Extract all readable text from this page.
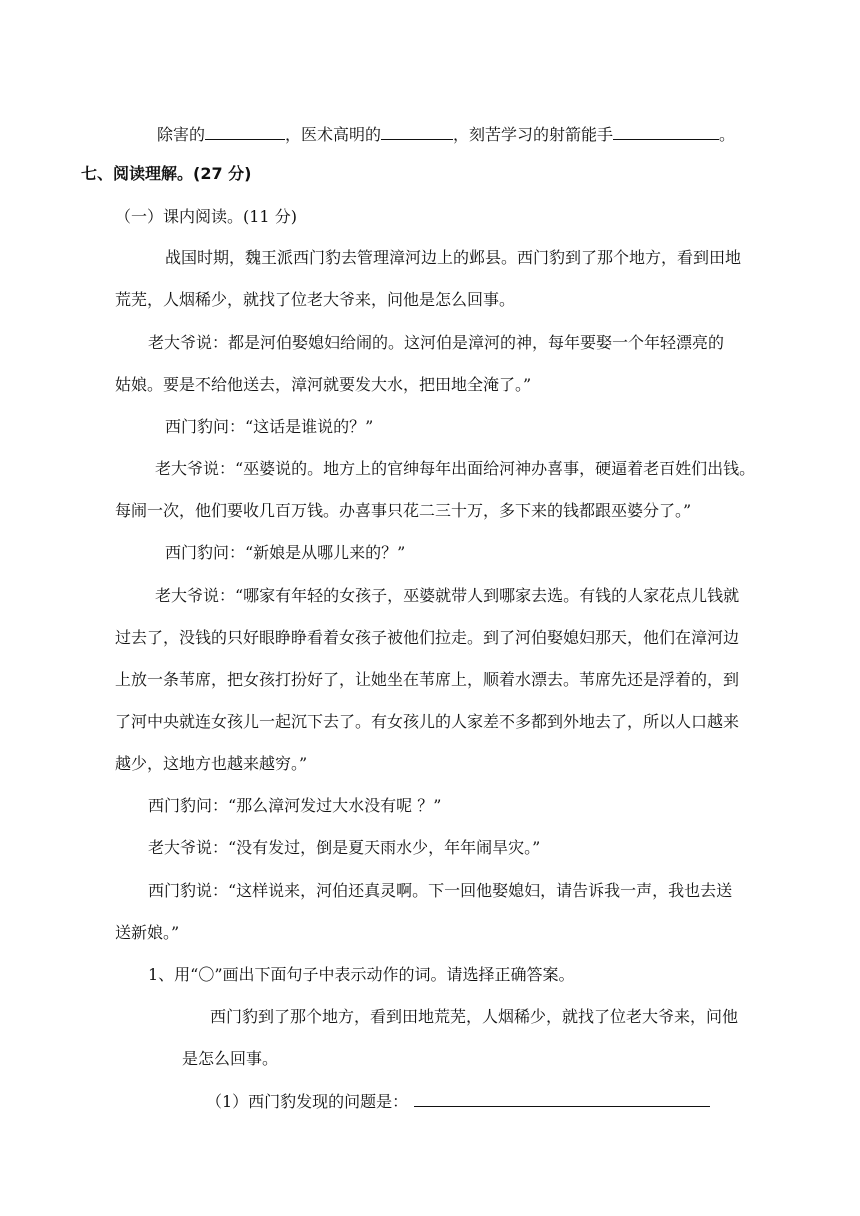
除害的	，医术高明的	，刻苦学习的射箭能手	。
七、阅读理解。(27 分)
（一）课内阅读。(11 分)
战国时期，魏王派西门豹去管理漳河边上的邺县。西门豹到了那个地方，看到田地
荒芜，人烟稀少，就找了位老大爷来，问他是怎么回事。
老大爷说：都是河伯娶媳妇给闹的。这河伯是漳河的神，每年要娶一个年轻漂亮的
姑娘。要是不给他送去，漳河就要发大水，把田地全淹了。”
西门豹问：“这话是谁说的？”
老大爷说：“巫婆说的。地方上的官绅每年出面给河神办喜事，硬逼着老百姓们出钱。
每闹一次，他们要收几百万钱。办喜事只花二三十万，多下来的钱都跟巫婆分了。”
西门豹问：“新娘是从哪儿来的？”
老大爷说：“哪家有年轻的女孩子，巫婆就带人到哪家去选。有钱的人家花点儿钱就
过去了，没钱的只好眼睁睁看着女孩子被他们拉走。到了河伯娶媳妇那天，他们在漳河边
上放一条苇席，把女孩打扮好了，让她坐在苇席上，顺着水漂去。苇席先还是浮着的，到
了河中央就连女孩儿一起沉下去了。有女孩儿的人家差不多都到外地去了，所以人口越来
越少，这地方也越来越穷。”
西门豹问：“那么漳河发过大水没有呢 ？”
老大爷说：“没有发过，倒是夏天雨水少，年年闹旱灾。”
西门豹说：“这样说来，河伯还真灵啊。下一回他娶媳妇，请告诉我一声，我也去送
送新娘。”
1、用“〇”画出下面句子中表示动作的词。请选择正确答案。
西门豹到了那个地方，看到田地荒芜，人烟稀少，就找了位老大爷来，问他
是怎么回事。
（1）西门豹发现的问题是：
